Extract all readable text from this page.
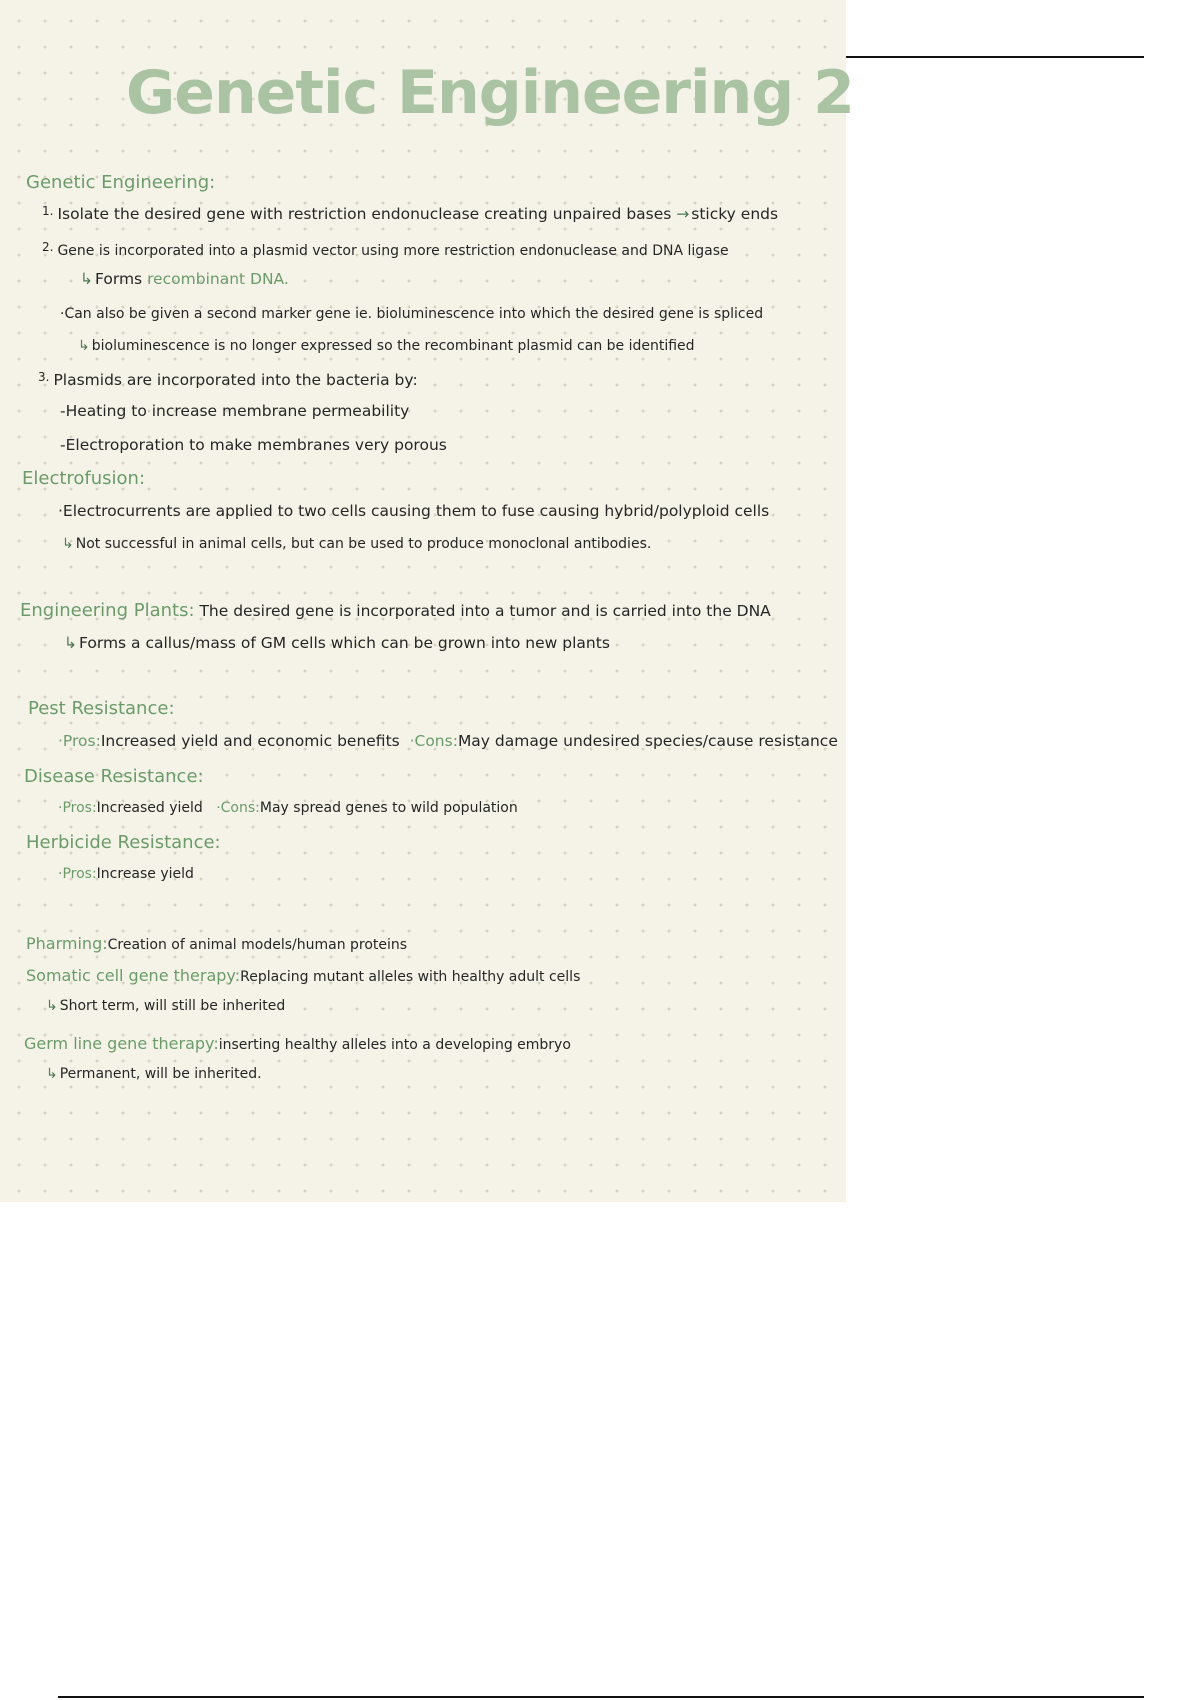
Genetic Engineering 2
Genetic Engineering:
$^{1.}$ Isolate the desired gene with restriction endonuclease creating unpaired bases → sticky ends
2. Gene is incorporated into a plasmid vector using more restriction endonuclease and DNA ligase
↳ Forms recombinant DNA.
·Can also be given a second marker gene ie. bioluminescence into which the desired gene is spliced
↳ bioluminescence is no longer expressed so the recombinant plasmid can be identified
$^{3.}$ Plasmids are incorporated into the bacteria by:
-Heating to increase membrane permeability
-Electroporation to make membranes very porous
Electrofusion:
·Electrocurrents are applied to two cells causing them to fuse causing hybrid/polyploid cells
↳ Not successful in animal cells, but can be used to produce monoclonal antibodies.
Engineering Plants: The desired gene is incorporated into a tumor and is carried into the DNA
↳ Forms a callus/mass of GM cells which can be grown into new plants
Pest Resistance:
·Pros:Increased yield and economic benefits ·Cons:May damage undesired species/cause resistance
Disease Resistance:
·Pros:Increased yield ·Cons:May spread genes to wild population
Herbicide Resistance:
·Pros:Increase yield
Pharming:Creation of animal models/human proteins
Somatic cell gene therapy:Replacing mutant alleles with healthy adult cells
↳ Short term, will still be inherited
Germ line gene therapy:inserting healthy alleles into a developing embryo
↳ Permanent, will be inherited.
